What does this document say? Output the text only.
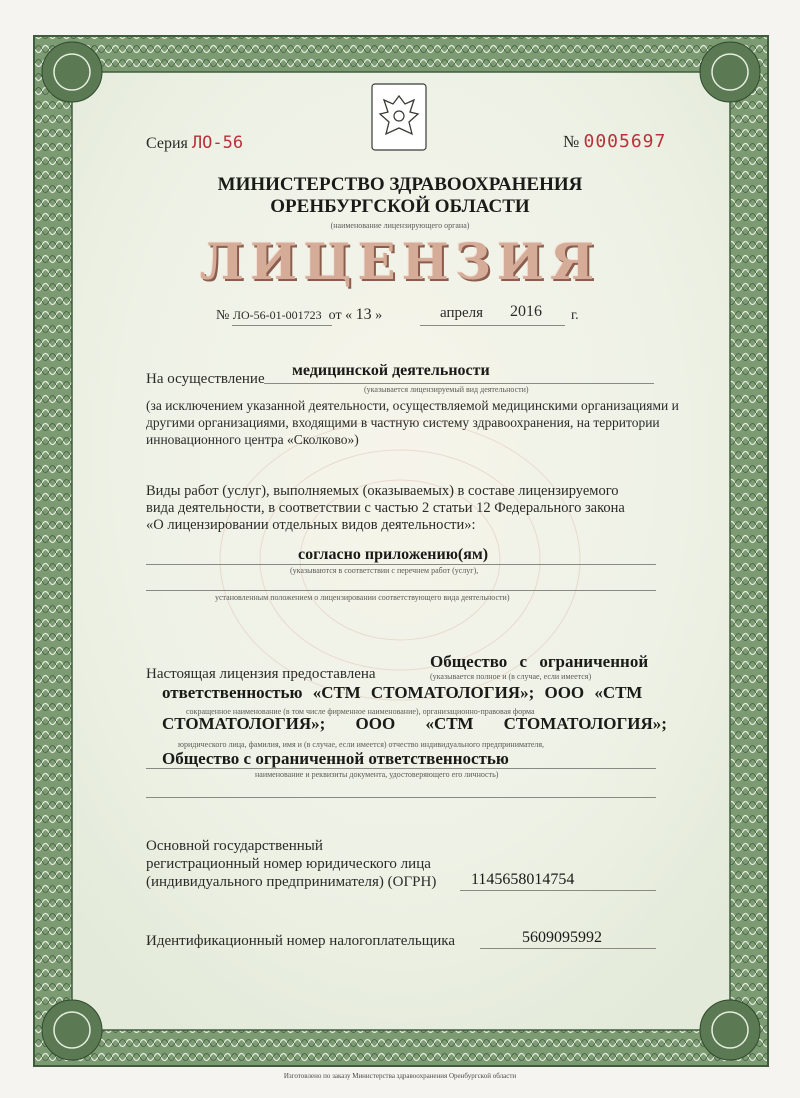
Серия ЛО-56	№ 0005697
МИНИСТЕРСТВО ЗДРАВООХРАНЕНИЯ
ОРЕНБУРГСКОЙ ОБЛАСТИ
(наименование лицензирующего органа)
ЛИЦЕНЗИЯ
№ ЛО-56-01-001723 от « 13 »	апреля 2016 г.
На осуществление медицинской деятельности
(указывается лицензируемый вид деятельности)
(за исключением указанной деятельности, осуществляемой медицинскими организациями и
другими организациями, входящими в частную систему здравоохранения, на территории
инновационного центра «Сколково»)
Виды работ (услуг), выполняемых (оказываемых) в составе лицензируемого
вида деятельности, в соответствии с частью 2 статьи 12 Федерального закона
«О лицензировании отдельных видов деятельности»:
согласно приложению(ям)
(указываются в соответствии с перечнем работ (услуг),
установленным положением о лицензировании соответствующего вида деятельности)
Настоящая лицензия предоставлена
Общество с ограниченной
(указывается полное и (в случае, если имеется)
ответственностью «СТМ СТОМАТОЛОГИЯ»; ООО «СТМ
сокращенное наименование (в том числе фирменное наименование), организационно-правовая форма
СТОМАТОЛОГИЯ»; ООО «СТМ СТОМАТОЛОГИЯ»;
юридического лица, фамилия, имя и (в случае, если имеется) отчество индивидуального предпринимателя,
Общество с ограниченной ответственностью
наименование и реквизиты документа, удостоверяющего его личность)
Основной государственный
регистрационный номер юридического лица
(индивидуального предпринимателя) (ОГРН) 1145658014754
Идентификационный номер налогоплательщика	5609095992
Изготовлено по заказу Министерства здравоохранения Оренбургской области
